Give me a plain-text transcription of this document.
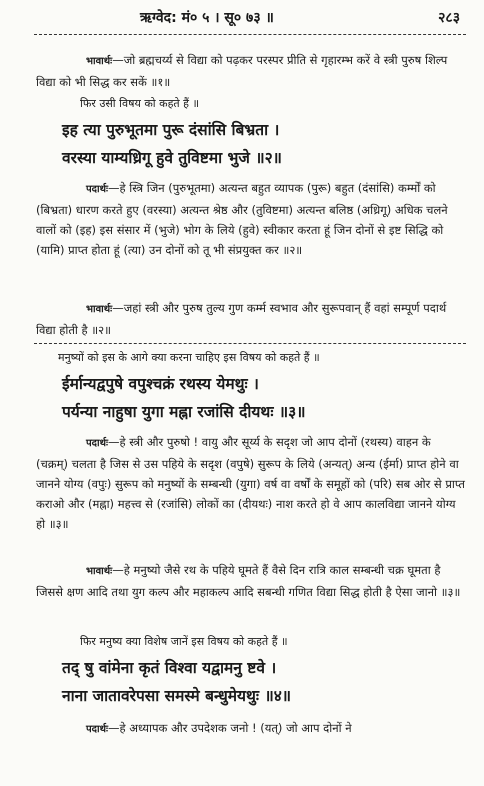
ऋग्वेद: मं० ५ । सू० ७३ ॥	२८३
भावार्थः—जो ब्रह्मचर्य्य से विद्या को पढ़कर परस्पर प्रीति से गृहारम्भ करें वे स्त्री पुरुष शिल्प विद्या को भी सिद्ध कर सकें ॥१॥
फिर उसी विषय को कहते हैं ॥
इह त्या पुरुभूतमा पुरू दंसांसि बिभ्रता ।
वरस्या याम्यध्रिगू हुवे तुविष्टमा भुजे ॥२॥
पदार्थः—हे स्त्रि जिन (पुरुभूतमा) अत्यन्त बहुत व्यापक (पुरू) बहुत (दंसांसि) कर्म्मों को (बिभ्रता) धारण करते हुए (वरस्या) अत्यन्त श्रेष्ठ और (तुविष्टमा) अत्यन्त बलिष्ठ (अध्रिगू) अधिक चलने वालों को (इह) इस संसार में (भुजे) भोग के लिये (हुवे) स्वीकार करता हूं जिन दोनों से इष्ट सिद्धि को (यामि) प्राप्त होता हूं (त्या) उन दोनों को तू भी संप्रयुक्त कर ॥२॥
भावार्थः—जहां स्त्री और पुरुष तुल्य गुण कर्म्म स्वभाव और सुरूपवान् हैं वहां सम्पूर्ण पदार्थ विद्या होती है ॥२॥
मनुष्यों को इस के आगे क्या करना चाहिए इस विषय को कहते हैं ॥
ईर्मान्यद्वपुषे वपुश्चक्रं रथस्य येमथुः ।
पर्यन्या नाहुषा युगा मह्ना रजांसि दीयथः ॥३॥
पदार्थः—हे स्त्री और पुरुषो ! वायु और सूर्य्य के सदृश जो आप दोनों (रथस्य) वाहन के (चक्रम्) चलता है जिस से उस पहिये के सदृश (वपुषे) सुरूप के लिये (अन्यत्) अन्य (ईर्मा) प्राप्त होने वा जानने योग्य (वपुः) सुरूप को मनुष्यों के सम्बन्धी (युगा) वर्ष वा वर्षों के समूहों को (परि) सब ओर से प्राप्त कराओ और (मह्ना) महत्त्व से (रजांसि) लोकों का (दीयथः) नाश करते हो वे आप कालविद्या जानने योग्य हो ॥३॥
भावार्थः—हे मनुष्यो जैसे रथ के पहिये घूमते हैं वैसे दिन रात्रि काल सम्बन्धी चक्र घूमता है जिससे क्षण आदि तथा युग कल्प और महाकल्प आदि सबन्धी गणित विद्या सिद्ध होती है ऐसा जानो ॥३॥
फिर मनुष्य क्या विशेष जानें इस विषय को कहते हैं ॥
तद् षु वांमेना कृतं विश्वा यद्वामनु ष्टवे ।
नाना जातावरेपसा समस्मे बन्धुमेयथुः ॥४॥
पदार्थः—हे अध्यापक और उपदेशक जनो ! (यत्) जो आप दोनों ने
